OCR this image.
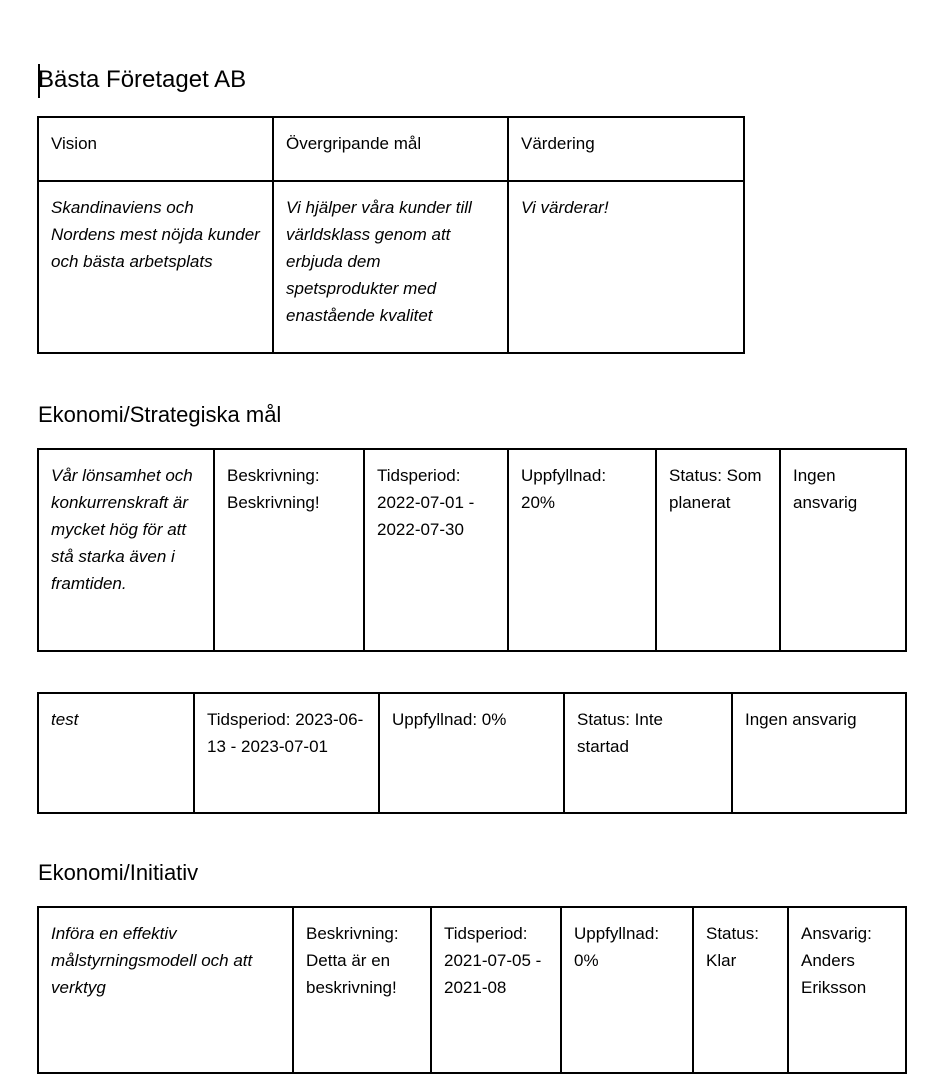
Bästa Företaget AB
Vision	Övergripande mål	Värdering
Skandinaviens och Nordens mest nöjda kunder och bästa arbetsplats	Vi hjälper våra kunder till världsklass genom att erbjuda dem spetsprodukter med enastående kvalitet	Vi värderar!
Ekonomi/Strategiska mål
Vår lönsamhet och konkurrenskraft är mycket hög för att stå starka även i framtiden.	Beskrivning: Beskrivning!	Tidsperiod: 2022-07-01 - 2022-07-30	Uppfyllnad: 20%	Status: Som planerat	Ingen ansvarig
test	Tidsperiod: 2023-06-13 - 2023-07-01	Uppfyllnad: 0%	Status: Inte startad	Ingen ansvarig
Ekonomi/Initiativ
Införa en effektiv målstyrningsmodell och att verktyg	Beskrivning: Detta är en beskrivning!	Tidsperiod: 2021-07-05 - 2021-08	Uppfyllnad: 0%	Status: Klar	Ansvarig: Anders Eriksson
